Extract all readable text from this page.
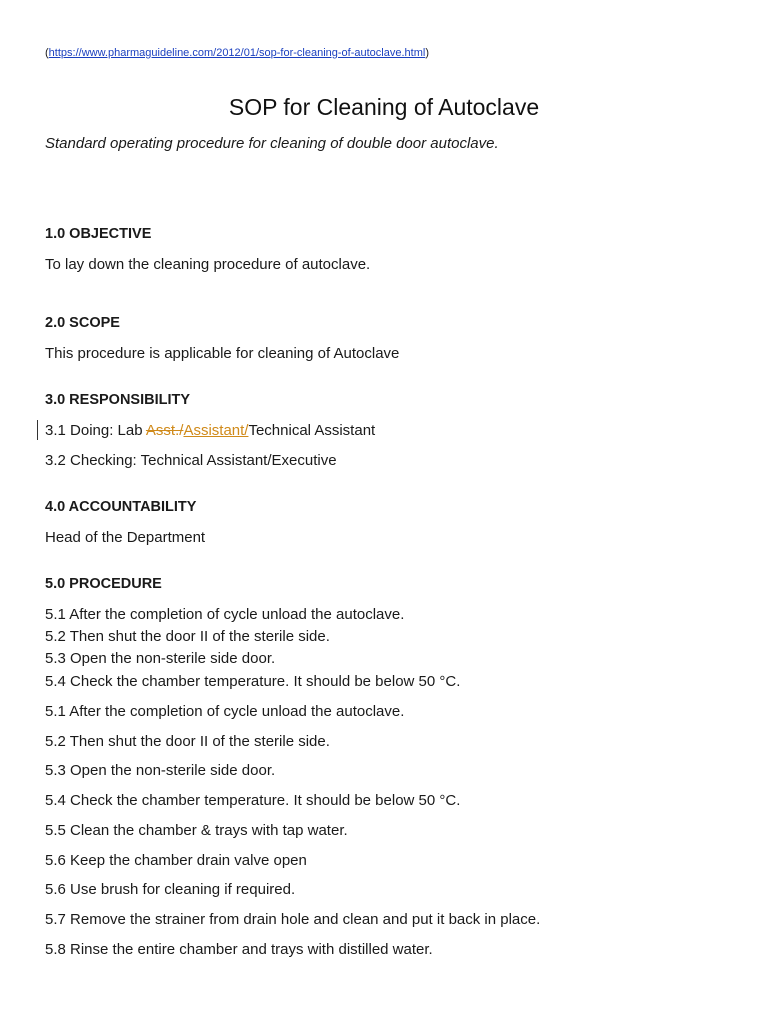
(https://www.pharmaguideline.com/2012/01/sop-for-cleaning-of-autoclave.html)
SOP for Cleaning of Autoclave
Standard operating procedure for cleaning of double door autoclave.
1.0 OBJECTIVE
To lay down the cleaning procedure of autoclave.
2.0 SCOPE
This procedure is applicable for cleaning of Autoclave
3.0 RESPONSIBILITY
3.1 Doing: Lab Asst./Assistant/Technical Assistant
3.2 Checking: Technical Assistant/Executive
4.0 ACCOUNTABILITY
Head of the Department
5.0 PROCEDURE
5.1 After the completion of cycle unload the autoclave.
5.2 Then shut the door II of the sterile side.
5.3 Open the non-sterile side door.
5.4 Check the chamber temperature. It should be below 50 °C.
5.1 After the completion of cycle unload the autoclave.
5.2 Then shut the door II of the sterile side.
5.3 Open the non-sterile side door.
5.4 Check the chamber temperature. It should be below 50 °C.
5.5 Clean the chamber & trays with tap water.
5.6 Keep the chamber drain valve open
5.6 Use brush for cleaning if required.
5.7 Remove the strainer from drain hole and clean and put it back in place.
5.8 Rinse the entire chamber and trays with distilled water.
